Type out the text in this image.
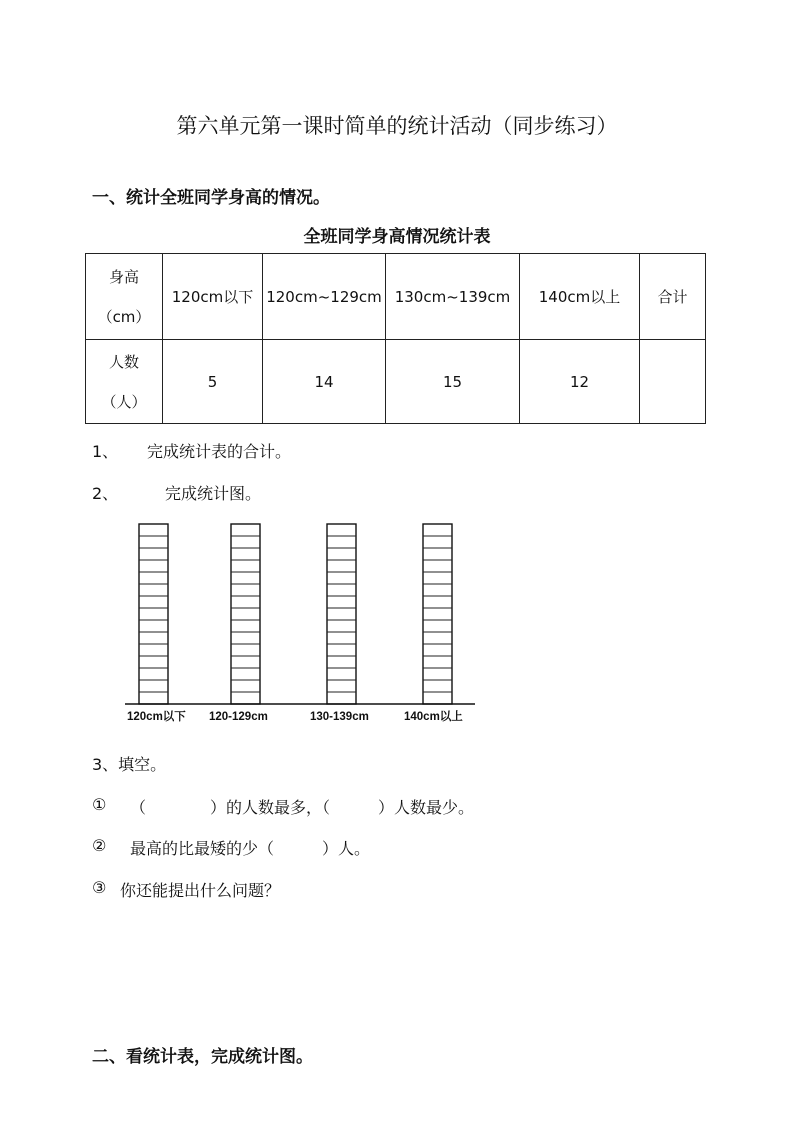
第六单元第一课时简单的统计活动（同步练习）
一、统计全班同学身高的情况。
全班同学身高情况统计表
身高
（cm）	120cm以下	120cm~129cm	130cm~139cm	140cm以上	合计

人数
（人）	5	14	15	12	
1、 完成统计表的合计。
2、	完成统计图。
120cm以下 120-129cm	130-139cm	140cm以上
3、填空。
① （　　　　）的人数最多，（　　　）人数最少。
② 最高的比最矮的少（　　　）人。
③ 你还能提出什么问题？
二、看统计表，完成统计图。
